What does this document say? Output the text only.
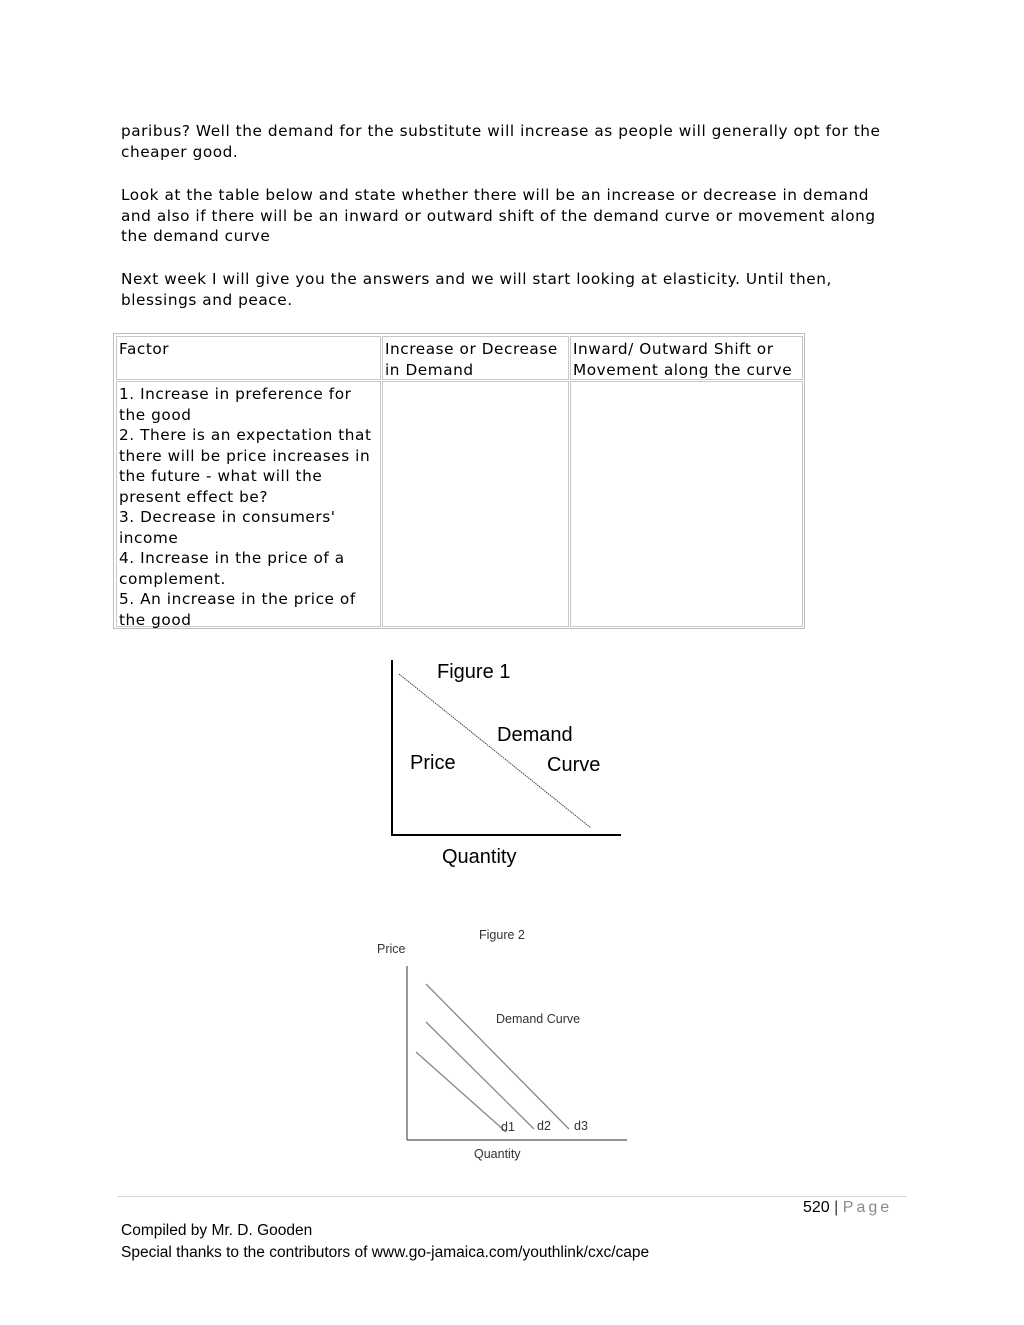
paribus? Well the demand for the substitute will increase as people will generally opt for the
cheaper good.
Look at the table below and state whether there will be an increase or decrease in demand
and also if there will be an inward or outward shift of the demand curve or movement along
the demand curve
Next week I will give you the answers and we will start looking at elasticity. Until then,
blessings and peace.
Factor	Increase or Decrease
in Demand
Inward/ Outward Shift or
Movement along the curve
1. Increase in preference for
the good
2. There is an expectation that
there will be price increases in
the future - what will the
present effect be?
3. Decrease in consumers'
income
4. Increase in the price of a
complement.
5. An increase in the price of
the good
Figure 1
Demand
Curve
Price
Quantity
Figure 2
Price
Demand Curve
d1 d2 d3
Quantity
520 | Page
Compiled by Mr. D. Gooden
Special thanks to the contributors of www.go-jamaica.com/youthlink/cxc/cape
